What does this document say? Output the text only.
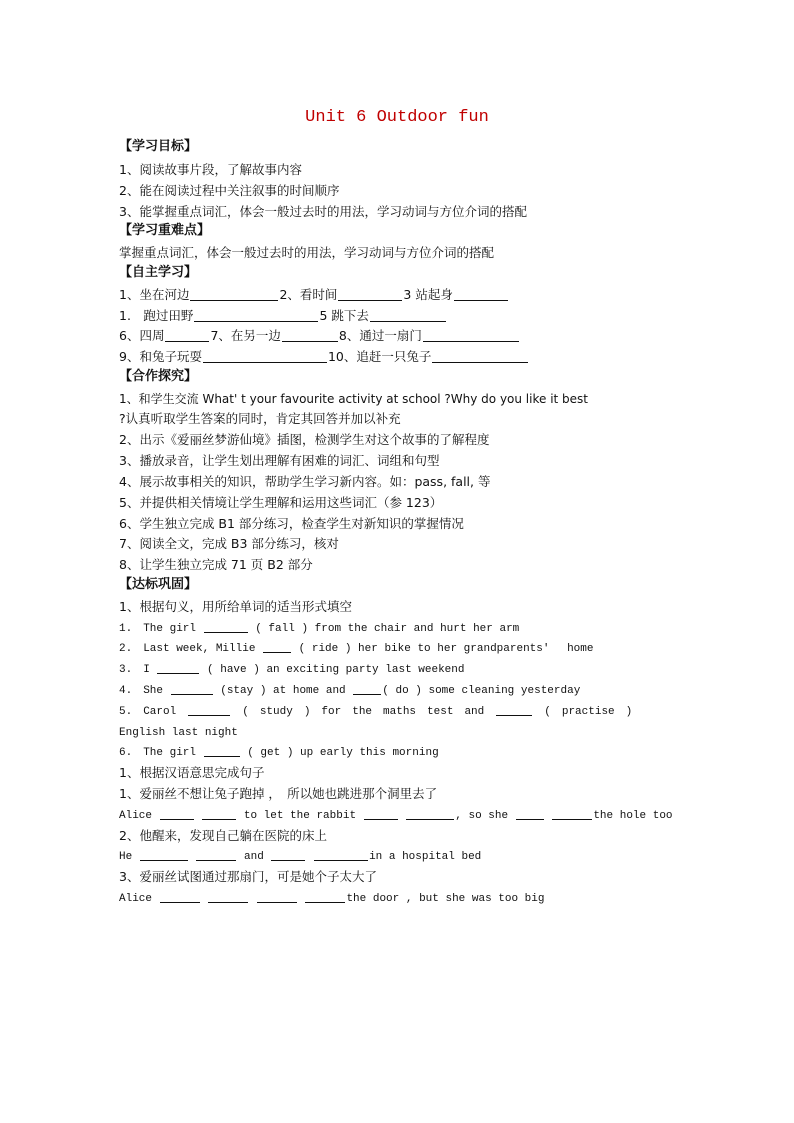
Unit 6 Outdoor fun
【学习目标】
1、阅读故事片段，了解故事内容
2、能在阅读过程中关注叙事的时间顺序
3、能掌握重点词汇，体会一般过去时的用法，学习动词与方位介词的搭配
【学习重难点】
掌握重点词汇，体会一般过去时的用法，学习动词与方位介词的搭配
【自主学习】
1、坐在河边	2、看时间	3 站起身
1.　跑过田野	5 跳下去
6、四周	7、在另一边	8、通过一扇门
9、和兔子玩耍	10、追赶一只兔子
【合作探究】
1、和学生交流 What' t your favourite activity at school ?Why do you like it best
?认真听取学生答案的同时，肯定其回答并加以补充
2、出示《爱丽丝梦游仙境》插图，检测学生对这个故事的了解程度
3、播放录音，让学生划出理解有困难的词汇、词组和句型
4、展示故事相关的知识，帮助学生学习新内容。如：pass, fall, 等
5、并提供相关情境让学生理解和运用这些词汇（参 123）
6、学生独立完成 B1 部分练习，检查学生对新知识的掌握情况
7、阅读全文，完成 B3 部分练习，核对
8、让学生独立完成 71 页 B2 部分
【达标巩固】
1、根据句义，用所给单词的适当形式填空
1.　The girl	( fall ) from the chair and hurt her arm
2.　Last week, Millie	( ride ) her bike to her grandparents'　 home
3.　I	( have ) an exciting party last weekend
4.　She	(stay ) at home and	( do ) some cleaning yesterday
5.　Carol　　	(　study　)　for　the　maths　test　and　　	(　practise　)
English last night
6.　The girl	( get ) up early this morning
1、根据汉语意思完成句子
1、爱丽丝不想让兔子跑掉 ，　所以她也跳进那个洞里去了
Alice	to let the rabbit	, so she	the hole too
2、他醒来，发现自己躺在医院的床上
He	and	in a hospital bed
3、爱丽丝试图通过那扇门，可是她个子太大了
Alice	the door , but she was too big
